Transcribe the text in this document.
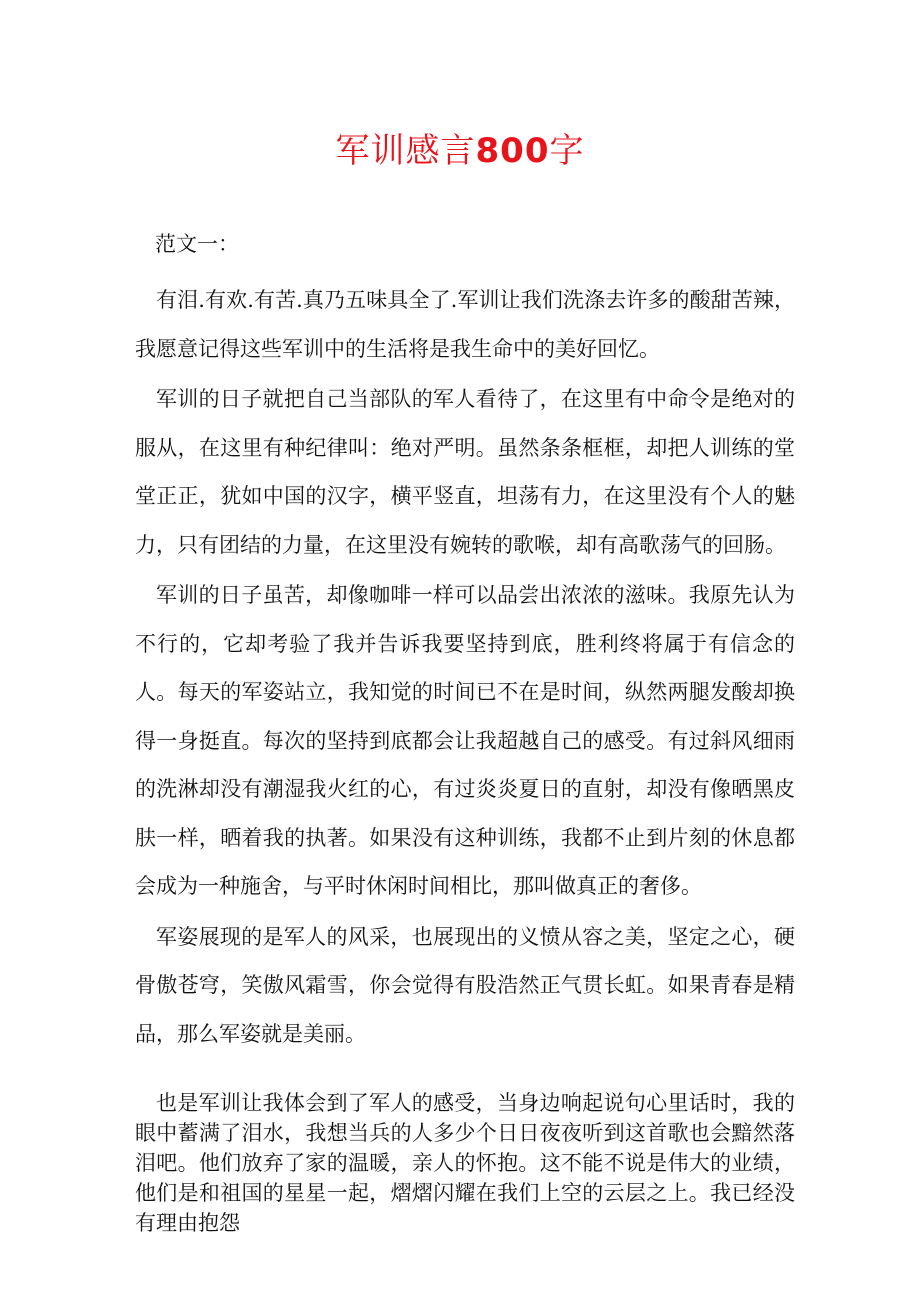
军训感言800字

范文一：

有泪.有欢.有苦.真乃五味具全了.军训让我们洗涤去许多的酸甜苦辣，我愿意记得这些军训中的生活将是我生命中的美好回忆。

军训的日子就把自己当部队的军人看待了，在这里有中命令是绝对的服从，在这里有种纪律叫：绝对严明。虽然条条框框，却把人训练的堂堂正正，犹如中国的汉字，横平竖直，坦荡有力，在这里没有个人的魅力，只有团结的力量，在这里没有婉转的歌喉，却有高歌荡气的回肠。

军训的日子虽苦，却像咖啡一样可以品尝出浓浓的滋味。我原先认为不行的，它却考验了我并告诉我要坚持到底，胜利终将属于有信念的人。每天的军姿站立，我知觉的时间已不在是时间，纵然两腿发酸却换得一身挺直。每次的坚持到底都会让我超越自己的感受。有过斜风细雨的洗淋却没有潮湿我火红的心，有过炎炎夏日的直射，却没有像晒黑皮肤一样，晒着我的执著。如果没有这种训练，我都不止到片刻的休息都会成为一种施舍，与平时休闲时间相比，那叫做真正的奢侈。

军姿展现的是军人的风采，也展现出的义愤从容之美，坚定之心，硬骨傲苍穹，笑傲风霜雪，你会觉得有股浩然正气贯长虹。如果青春是精品，那么军姿就是美丽。

也是军训让我体会到了军人的感受，当身边响起说句心里话时，我的眼中蓄满了泪水，我想当兵的人多少个日日夜夜听到这首歌也会黯然落泪吧。他们放弃了家的温暖，亲人的怀抱。这不能不说是伟大的业绩，他们是和祖国的星星一起，熠熠闪耀在我们上空的云层之上。我已经没有理由抱怨
